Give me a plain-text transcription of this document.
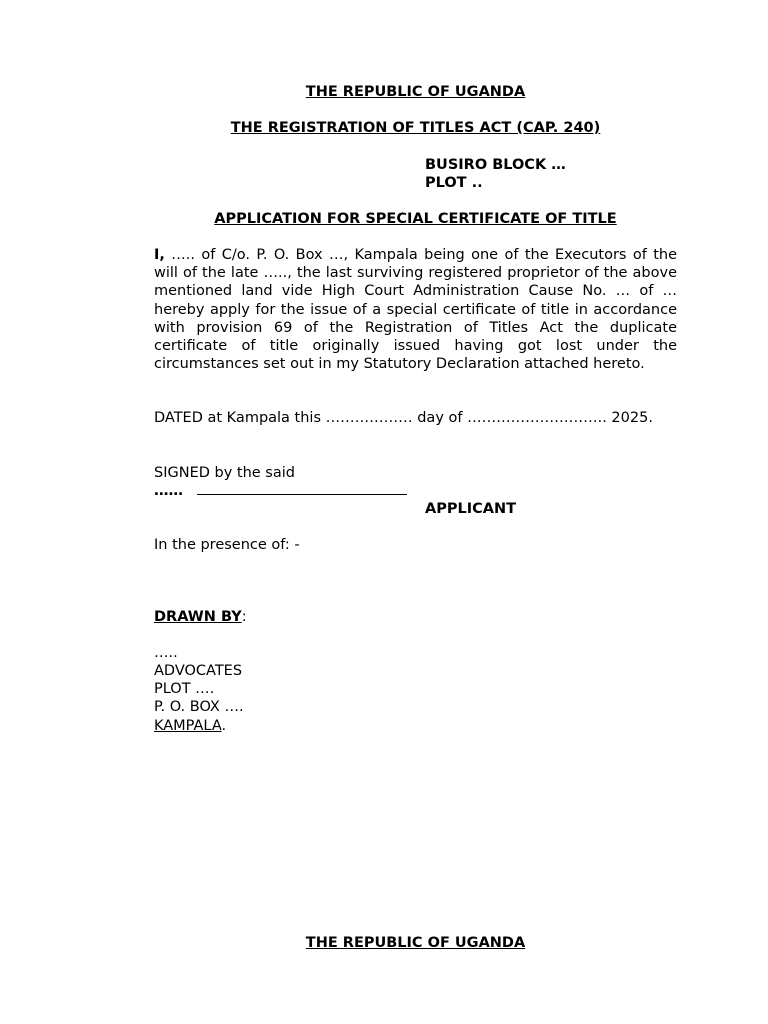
THE REPUBLIC OF UGANDA
THE REGISTRATION OF TITLES ACT (CAP. 240)
BUSIRO BLOCK …
PLOT ..
APPLICATION FOR SPECIAL CERTIFICATE OF TITLE
I, ….. of C/o. P. O. Box …, Kampala being one of the Executors of the will of the late ….., the last surviving registered proprietor of the above mentioned land vide High Court Administration Cause No. … of … hereby apply for the issue of a special certificate of title in accordance with provision 69 of the Registration of Titles Act the duplicate certificate of title originally issued having got lost under the circumstances set out in my Statutory Declaration attached hereto.
DATED at Kampala this ……………… day of ……………………….. 2025.
SIGNED by the said
……
APPLICANT
In the presence of: -
DRAWN BY:
…..
ADVOCATES
PLOT ….
P. O. BOX ….
KAMPALA.
THE REPUBLIC OF UGANDA
